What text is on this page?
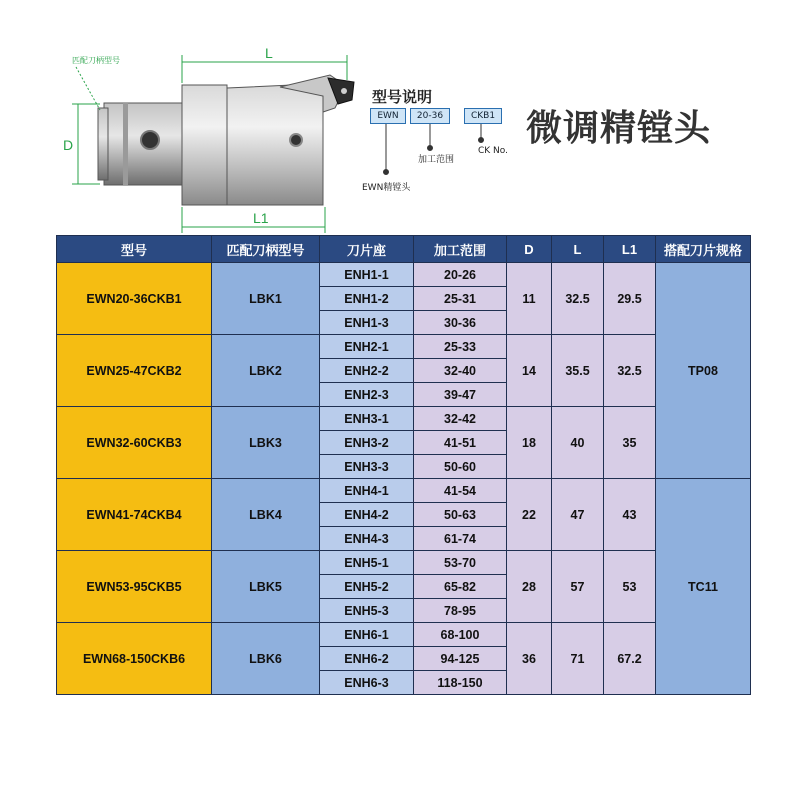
L
L1
D
匹配刀柄型号
型号说明
EWN	20-36	CKB1
EWN精镗头
加工范围
CK No.
微调精镗头
型号	匹配刀柄型号	刀片座	加工范围	D	L	L1	搭配刀片规格
EWN20-36CKB1	LBK1	ENH1-1	20-26	11	32.5	29.5	TP08
		ENH1-2	25-31				
		ENH1-3	30-36				
EWN25-47CKB2	LBK2	ENH2-1	25-33	14	35.5	32.5	
		ENH2-2	32-40				
		ENH2-3	39-47				
EWN32-60CKB3	LBK3	ENH3-1	32-42	18	40	35	
		ENH3-2	41-51				
		ENH3-3	50-60				
EWN41-74CKB4	LBK4	ENH4-1	41-54	22	47	43	TC11
		ENH4-2	50-63				
		ENH4-3	61-74				
EWN53-95CKB5	LBK5	ENH5-1	53-70	28	57	53	
		ENH5-2	65-82				
		ENH5-3	78-95				
EWN68-150CKB6	LBK6	ENH6-1	68-100	36	71	67.2	
		ENH6-2	94-125				
		ENH6-3	118-150				
